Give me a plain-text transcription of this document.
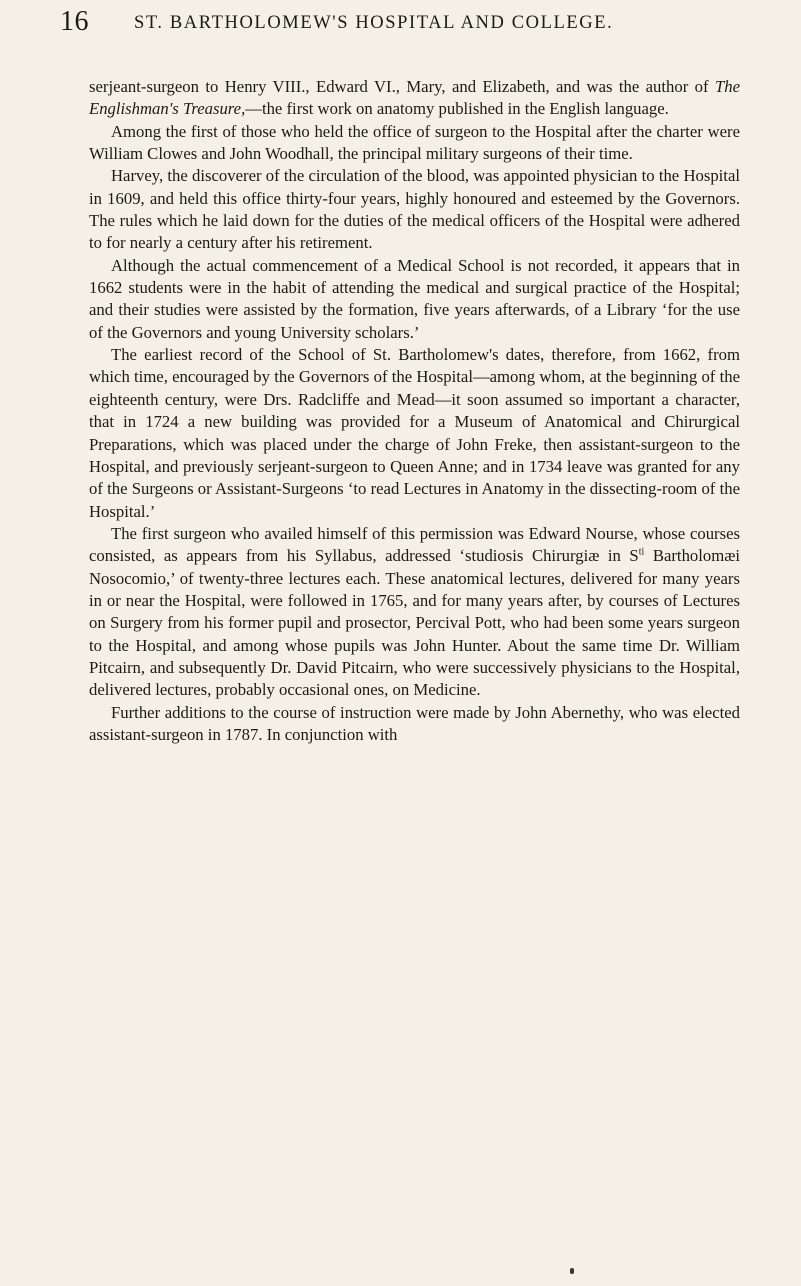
16 ST. BARTHOLOMEW'S HOSPITAL AND COLLEGE.

serjeant-surgeon to Henry VIII., Edward VI., Mary, and Elizabeth, and was the author of The Englishman's Treasure,—the first work on anatomy published in the English language.

Among the first of those who held the office of surgeon to the Hospital after the charter were William Clowes and John Woodhall, the principal military surgeons of their time.

Harvey, the discoverer of the circulation of the blood, was appointed physician to the Hospital in 1609, and held this office thirty-four years, highly honoured and esteemed by the Governors. The rules which he laid down for the duties of the medical officers of the Hospital were adhered to for nearly a century after his retirement.

Although the actual commencement of a Medical School is not recorded, it appears that in 1662 students were in the habit of attending the medical and surgical practice of the Hospital; and their studies were assisted by the formation, five years afterwards, of a Library ‘for the use of the Governors and young University scholars.’

The earliest record of the School of St. Bartholomew's dates, therefore, from 1662, from which time, encouraged by the Governors of the Hospital—among whom, at the beginning of the eighteenth century, were Drs. Radcliffe and Mead—it soon assumed so important a character, that in 1724 a new building was provided for a Museum of Anatomical and Chirurgical Preparations, which was placed under the charge of John Freke, then assistant-surgeon to the Hospital, and previously serjeant-surgeon to Queen Anne; and in 1734 leave was granted for any of the Surgeons or Assistant-Surgeons ‘to read Lectures in Anatomy in the dissecting-room of the Hospital.’

The first surgeon who availed himself of this permission was Edward Nourse, whose courses consisted, as appears from his Syllabus, addressed ‘studiosis Chirurgiæ in $S^{ti}$ Bartholomæi Nosocomio,’ of twenty-three lectures each. These anatomical lectures, delivered for many years in or near the Hospital, were followed in 1765, and for many years after, by courses of Lectures on Surgery from his former pupil and prosector, Percival Pott, who had been some years surgeon to the Hospital, and among whose pupils was John Hunter. About the same time Dr. William Pitcairn, and subsequently Dr. David Pitcairn, who were successively physicians to the Hospital, delivered lectures, probably occasional ones, on Medicine.

Further additions to the course of instruction were made by John Abernethy, who was elected assistant-surgeon in 1787. In conjunction with
